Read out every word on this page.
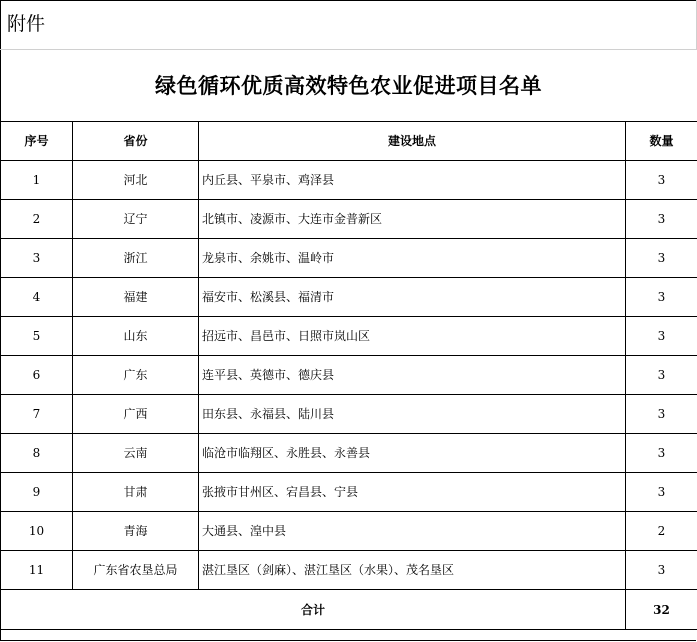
附件
绿色循环优质高效特色农业促进项目名单
序号	省份	建设地点	数量
1	河北	内丘县、平泉市、鸡泽县	3
2	辽宁	北镇市、凌源市、大连市金普新区	3
3	浙江	龙泉市、余姚市、温岭市	3
4	福建	福安市、松溪县、福清市	3
5	山东	招远市、昌邑市、日照市岚山区	3
6	广东	连平县、英德市、德庆县	3
7	广西	田东县、永福县、陆川县	3
8	云南	临沧市临翔区、永胜县、永善县	3
9	甘肃	张掖市甘州区、宕昌县、宁县	3
10	青海	大通县、湟中县	2
11	广东省农垦总局	湛江垦区（剑麻）、湛江垦区（水果）、茂名垦区	3
合计			32
